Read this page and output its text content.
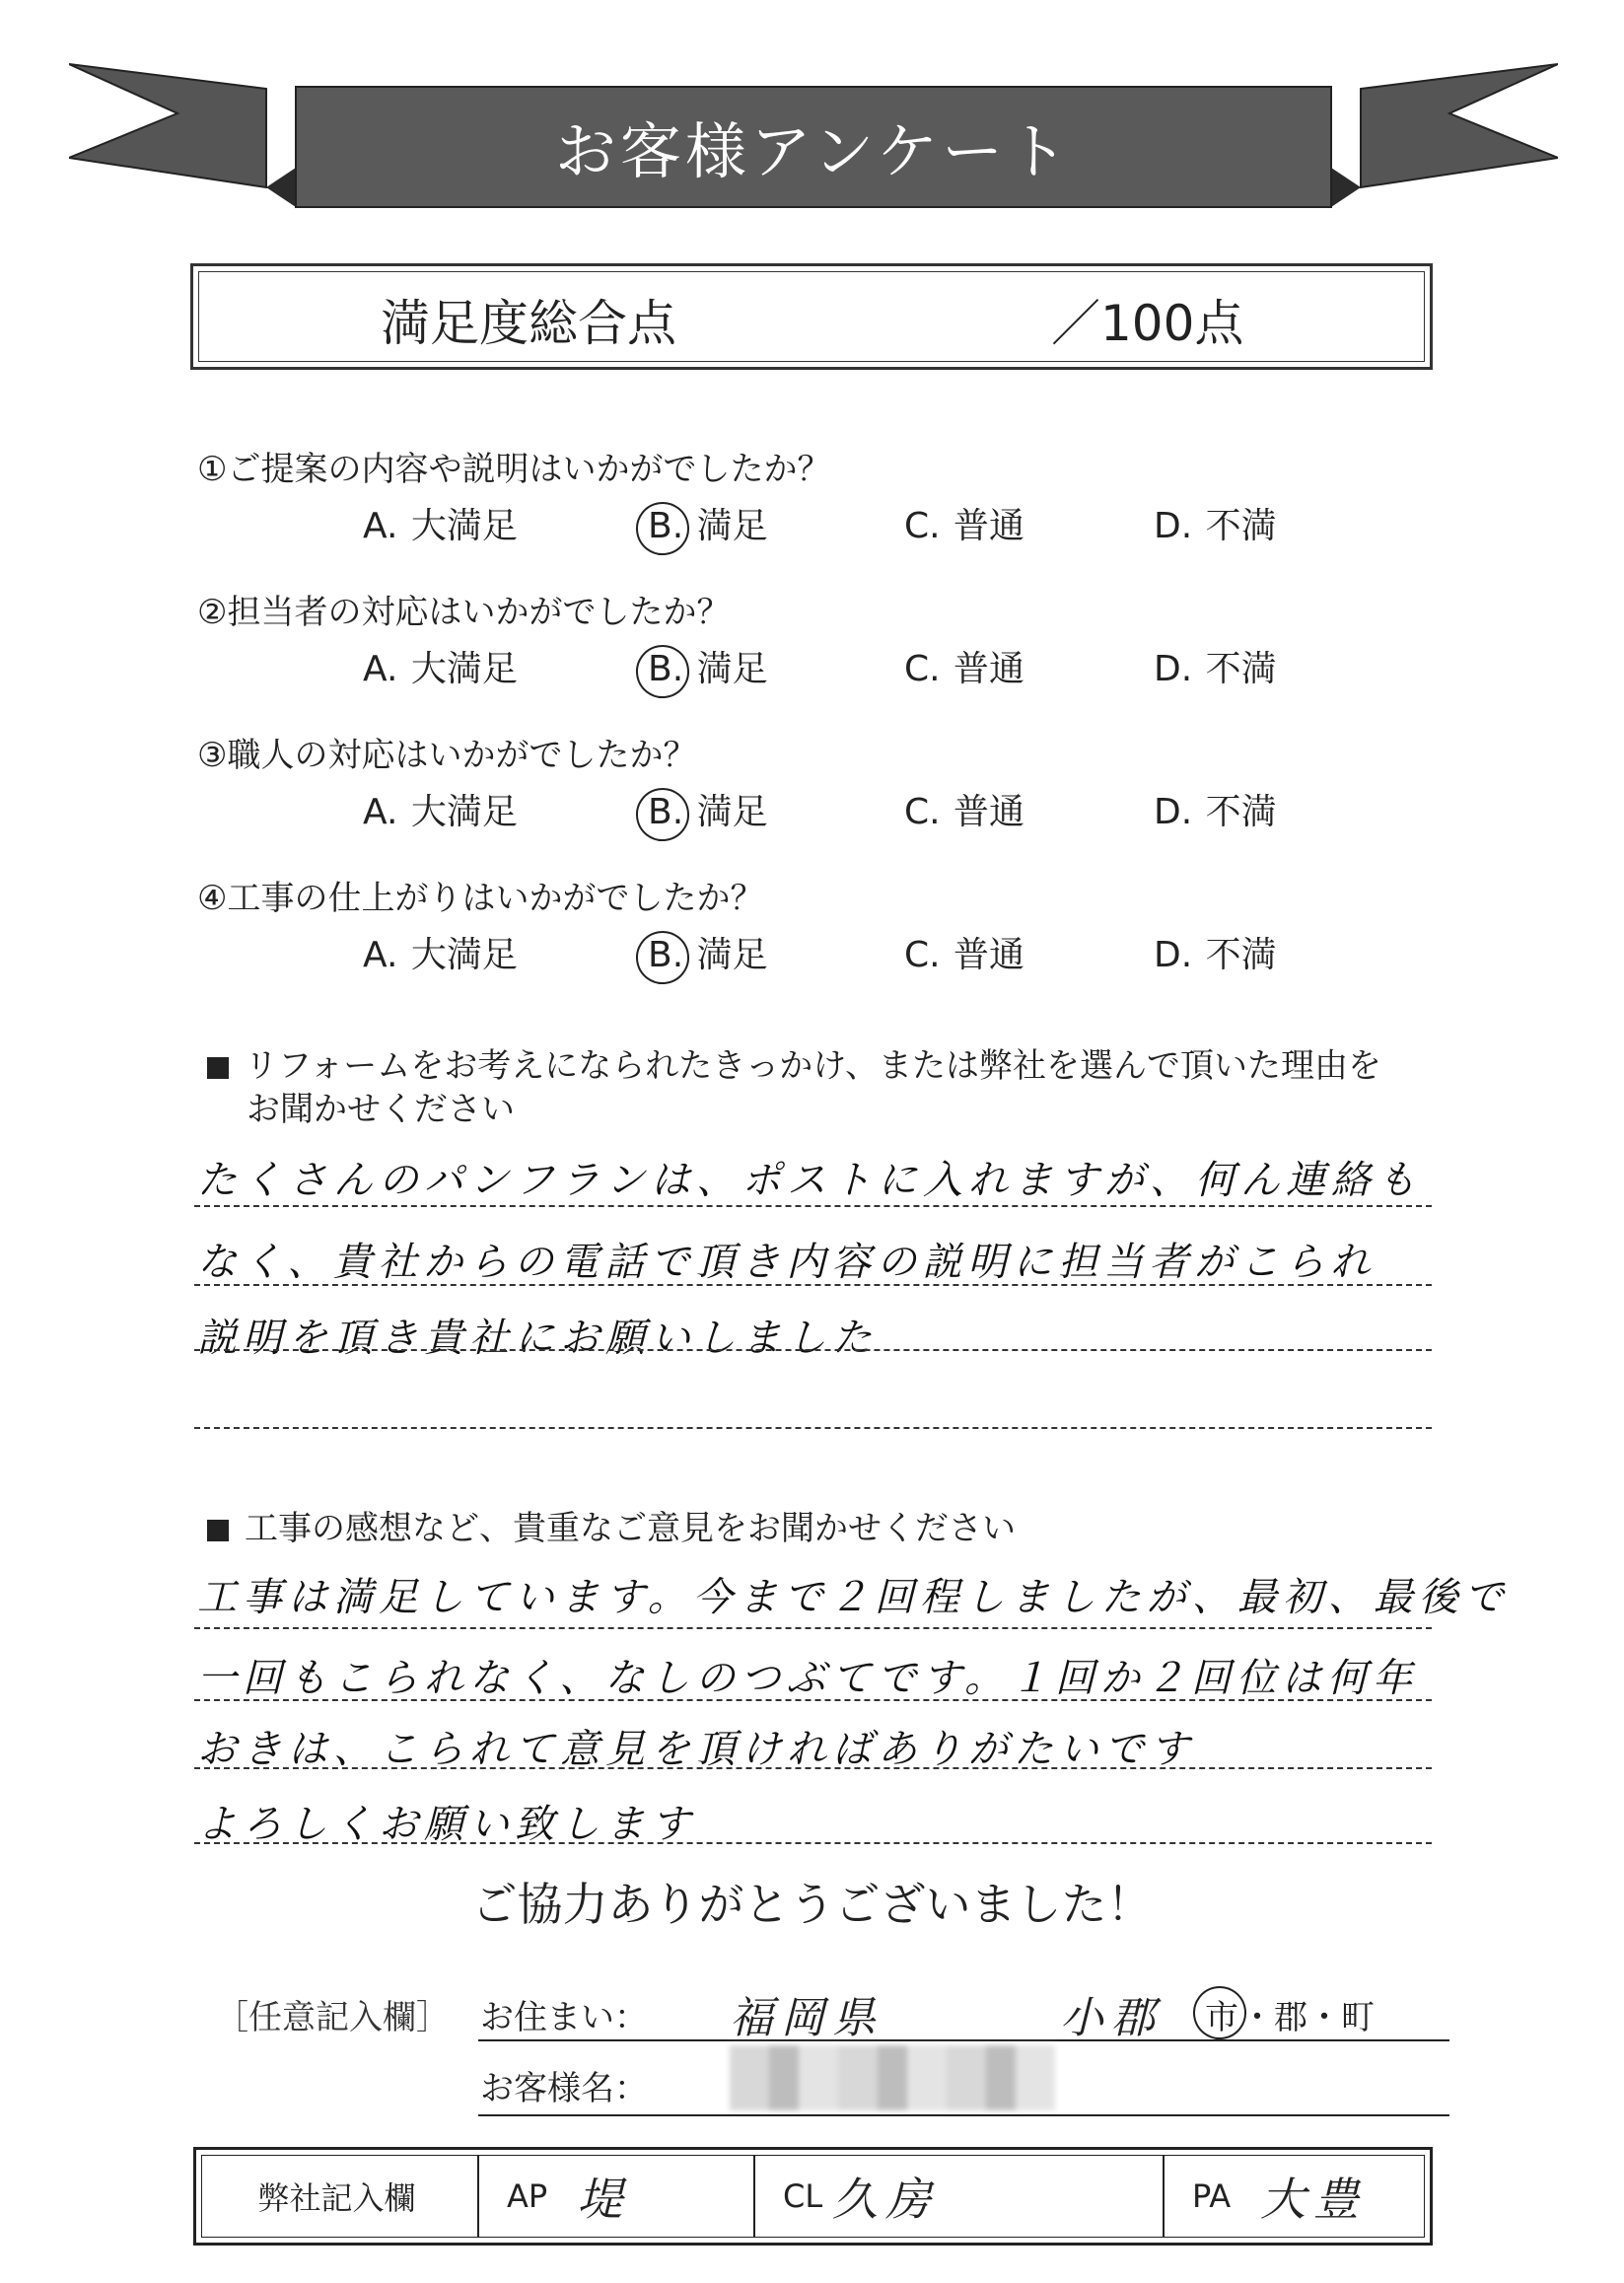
お客様アンケート
満足度総合点	／100点
①ご提案の内容や説明はいかがでしたか？
A. 大満足	B. 満足	C. 普通	D. 不満
②担当者の対応はいかがでしたか？
A. 大満足	B. 満足	C. 普通	D. 不満
③職人の対応はいかがでしたか？
A. 大満足	B. 満足	C. 普通	D. 不満
④工事の仕上がりはいかがでしたか？
A. 大満足	B. 満足	C. 普通	D. 不満
リフォームをお考えになられたきっかけ、または弊社を選んで頂いた理由を
お聞かせください
たくさんのパンフランは、ポストに入れますが、何ん連絡も
なく、貴社からの電話で頂き内容の説明に担当者がこられ
説明を頂き貴社にお願いしました
工事の感想など、貴重なご意見をお聞かせください
工事は満足しています。今まで２回程しましたが、最初、最後で
一回もこられなく、なしのつぶてです。１回か２回位は何年
おきは、こられて意見を頂ければありがたいです
よろしくお願い致します
ご協力ありがとうございました！
［任意記入欄］ お住まい： 福岡県	小郡 市・郡・町
お客様名：
弊社記入欄	AP 堤	CL 久房	PA 大豊
